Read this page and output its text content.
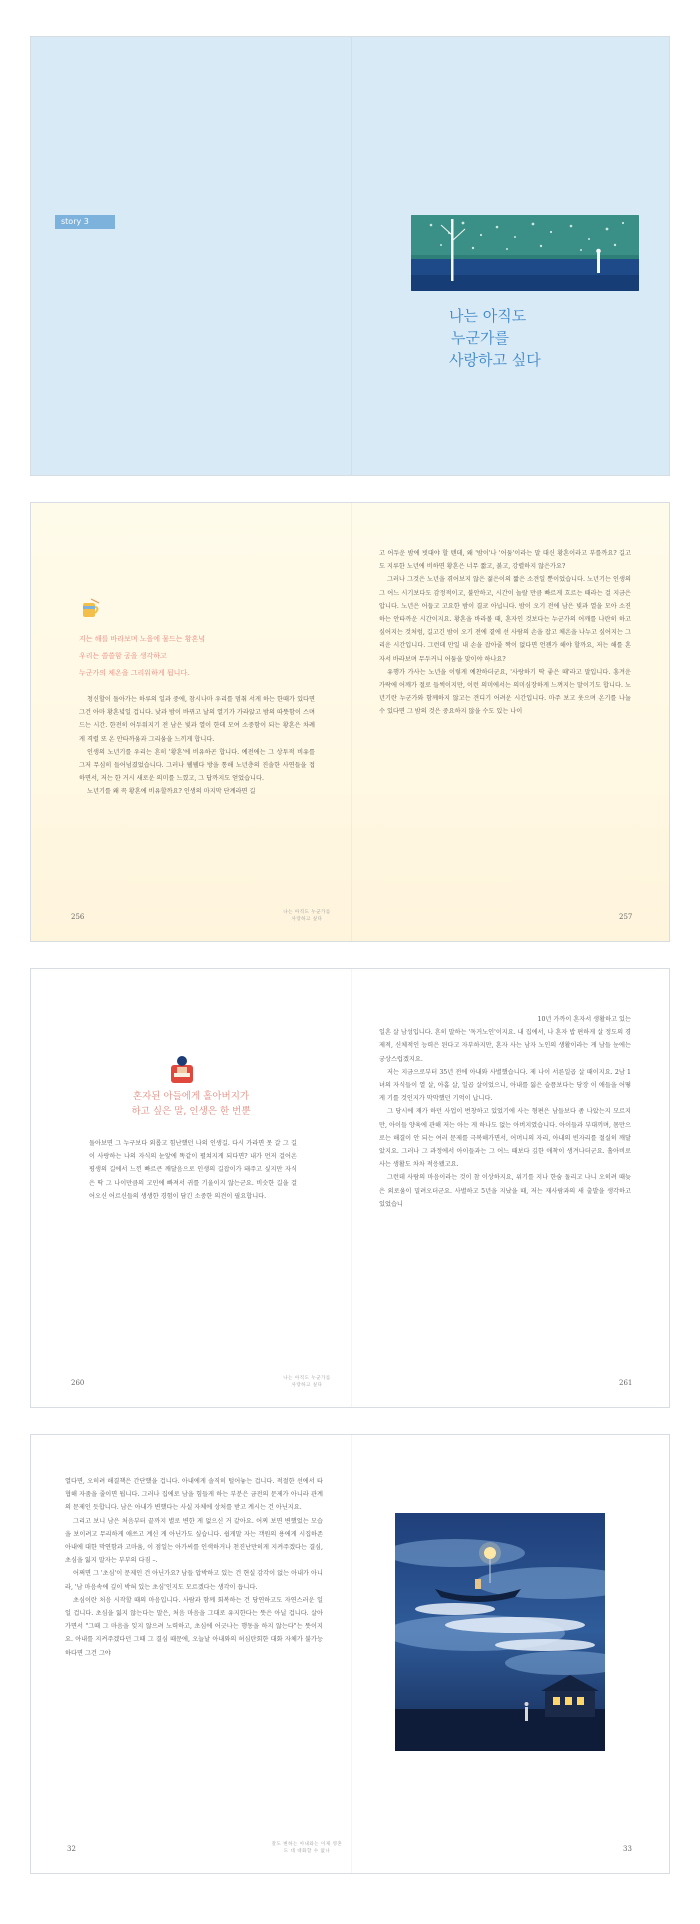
story 3
나는 아직도
누군가를
사랑하고 싶다
지는 해를 바라보며 노을에 물드는 황혼녘
우리는 쓸쓸함 공을 생각하고
누군가의 체온을 그리워하게 됩니다.

청신할이 돌아가는 하루의 일과 중에, 참시나마 우리를 멈춰 서게 하는 한때가 있다면 그건 아마 황혼녘일 겁니다. 낮과 밤이 바뀌고 날의 열기가 가라앉고 밤의 따뜻함이 스며드는 시간. 한전히 어두워지기 전 남은 빛과 열이 한데 모여 소중함이 되는 황혼은 차례게 격렬 또 온 안타까움과 그리움을 느끼게 합니다.

인생의 노년기를 우리는 흔히 '황혼'에 비유하곤 합니다. 예전에는 그 상투적 비유를 그저 무심히 들어넘겼었습니다. 그러나 웰웰다 방을 통해 노년층의 진솔한 사연들을 접하면서, 저는 한 거시 새로운 의미를 느꼈고, 그 답까지도 얻었습니다.

노년기를 왜 꼭 황혼에 비유할까요? 인생의 마지막 단계라면 길

고 어두운 밤에 빗대야 할 텐데, 왜 '밤이'나 '어둠'이라는 말 대신 황혼이라고 부를까요? 길고도 지루한 노년에 비하면 황혼은 너무 짧고, 붉고, 강렬하지 않은가요?

그러나 그것은 노년을 겪어보지 않은 젊은이의 짧은 소견일 뿐이었습니다. 노년기는 인생의 그 어느 시기보다도 감정적이고, 불안하고, 시간이 놀랄 만큼 빠르게 흐르는 때라는 걸 지금은 압니다. 노년은 어둡고 고요한 밤이 결코 아닙니다. 밤이 오기 전에 남은 빛과 열을 모아 소진하는 안타까운 시간이지요. 황혼을 바라볼 때, 혼자인 것보다는 누군가의 어깨를 나란히 하고 싶어지는 것처럼, 길고긴 밤이 오기 전에 곁에 선 사람의 손을 잡고 체온을 나누고 싶어지는 그리운 시간입니다. 그런데 만일 내 손을 잡아줄 짝이 없다면 언젠가 해야 할까요, 저는 해를 혼자서 바라보며 무두커니 어둠을 맞이야 하나요?

유행가 가사는 노년을 이렇게 예찬하더군요, '사랑하기 딱 좋은 때'라고 말입니다. 흥겨운 가락에 어깨가 절로 들썩이지만, 이런 의미에서는 의미심장하게 느껴지는 말이기도 합니다. 노년기란 누군가와 함께하지 않고는 견디기 어려운 시간입니다. 마주 보고 웃으며 온기를 나눌 수 있다면 그 밤의 것은 중요하지 않을 수도 있는 나이

256
나는 아직도 누군가를
사랑하고 싶다	257
혼자된 아들에게 홀아버지가
하고 싶은 말, 인생은 한 번뿐

돌아보면 그 누구보다 외롭고 힘난했던 나의 인생길. 다시 가라면 못 갈 그 길이 사랑하는 나의 자식의 눈앞에 똑같이 펼쳐지게 되다면? 내가 먼저 걸어온 평생의 길에서 느낀 빠르큰 깨달음으로 인생의 길잡이가 돼주고 싶지만 자식은 딱 그 나이만큼의 고민에 빠져서 귀를 기울이지 않는군요. 비슷한 길을 걸어오신 어르신들의 생생한 경험이 담긴 소중한 의견이 필요합니다.

10년 가까이 혼자서 생활하고 있는

일흔 살 남성입니다. 흔히 말하는 '독거노인'이지요. 내 집에서, 나 혼자 밥 편하게 살 정도의 경제적, 신체적인 능력은 된다고 자부하지만, 혼자 사는 남자 노인의 생활이라는 게 남들 눈에는 궁상스럽겠지요.

저는 지금으로부터 35년 전에 아내와 사별했습니다. 제 나이 서른일곱 살 때이지요. 2남 1녀의 자식들이 열 살, 아홉 살, 일곱 살이었으니, 아내를 잃은 슬픔보다는 당장 이 애들을 어떻게 기를 것인지가 막막했던 기억이 납니다.

그 당시에 재가 하던 사업이 번창하고 있었기에 사는 형편은 남들보다 좀 나았는지 모르지만, 아이들 양육에 관해 저는 아는 게 하나도 없는 아버지였습니다. 아이들과 부대끼며, 몸만으로는 해결이 안 되는 여러 문제를 극복해가면서, 어머니의 자리, 아내의 빈자리를 절실히 깨달았지요. 그러나 그 과정에서 아이들과는 그 어느 때보다 깊한 애착이 생겨나더군요. 홀아비로 사는 생활도 차차 적응됐고요.

그런데 사람의 마음이라는 것이 참 이상하지요, 위기를 지나 한숨 돌리고 나니 오히려 때늦은 외로움이 밀려오더군요. 사별하고 5년을 지났을 때, 저는 재사람과의 새 출발을 생각하고 있었습니

260
나는 아직도 누군가를
사랑하고 싶다	261

열다면, 오히려 해결책은 간단했을 겁니다. 아내에게 솔직히 털어놓는 겁니다. 적절한 선에서 타협해 자줌을 줄이면 됩니다. 그러나 집에로 남을 힘들게 하는 부분은 금전의 문제가 아니라 관계의 문제인 듯합니다. 남은 아내가 변했다는 사실 자체에 상처를 받고 계시는 건 아닌지요.

그리고 보니 남은 처음부터 끝까지 별로 변한 게 없으신 거 같아요. 어찌 보면 변했었는 모습을 보이려고 무리하게 애쓰고 계신 게 아닌가도 싶습니다. 쉽게말 자는 객원의 용에게 시집하존 아내에 대한 막연함과 고마움, 이 점일는 아가씨를 인색하거나 천진난만히게 지켜주겠다는 결심, 초심을 잃지 말자는 부부의 다짐 –.

어쩌면 그 '초심'이 문제인 건 아닌가요? 남들 압박하고 있는 건 현실 감각이 없는 아내가 아니라, '남 마음속에 깊이 박혀 있는 초심'인지도 모르겠다는 생각이 듭니다.

초심이란 처음 시작할 때의 마음입니다. 사람과 함께 회복하는 건 당연하고도 자연스러운 일일 겁니다. 초심을 잃지 않는다는 말은, 처음 마음을 그대로 유지한다는 뜻은 아닐 겁니다. 살아가면서 "그때 그 마음을 잊지 않으려 노력하고, 초심에 어긋나는 행동을 하지 않는다"는 뜻이지요. 아내를 지켜주겠다던 그때 그 결심 때문에, 오늘날 아내와의 허심탄회한 대화 자체가 불가능하다면 그건 그야

32
잘도 변하는 아내와는 이제 영혼
도 대 대화할 수 없나	33
